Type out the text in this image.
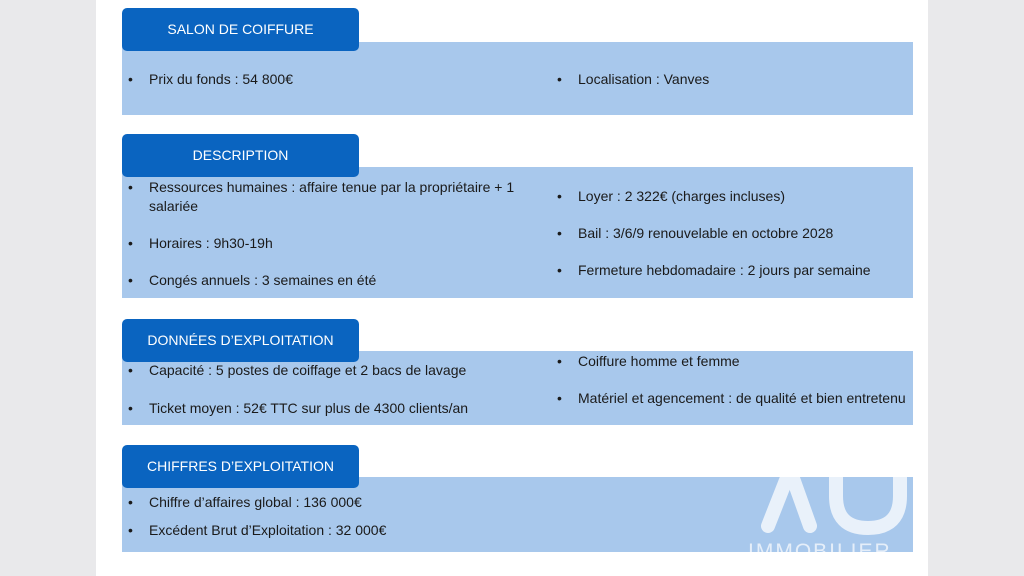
SALON DE COIFFURE
• Prix du fonds : 54 800€
•	Localisation : Vanves
DESCRIPTION
• Ressources humaines : affaire tenue par la propriétaire + 1 salariée
• Horaires : 9h30-19h
• Congés annuels : 3 semaines en été
• Loyer : 2 322€ (charges incluses)
• Bail : 3/6/9 renouvelable en octobre 2028
• Fermeture hebdomadaire : 2 jours par semaine
DONNÉES D’EXPLOITATION
• Capacité : 5 postes de coiffage et 2 bacs de lavage
• Ticket moyen : 52€ TTC sur plus de 4300 clients/an
• Coiffure homme et femme
• Matériel et agencement : de qualité et bien entretenu
CHIFFRES D’EXPLOITATION
• Chiffre d’affaires global : 136 000€
• Excédent Brut d’Exploitation : 32 000€
IMMOBILIER
